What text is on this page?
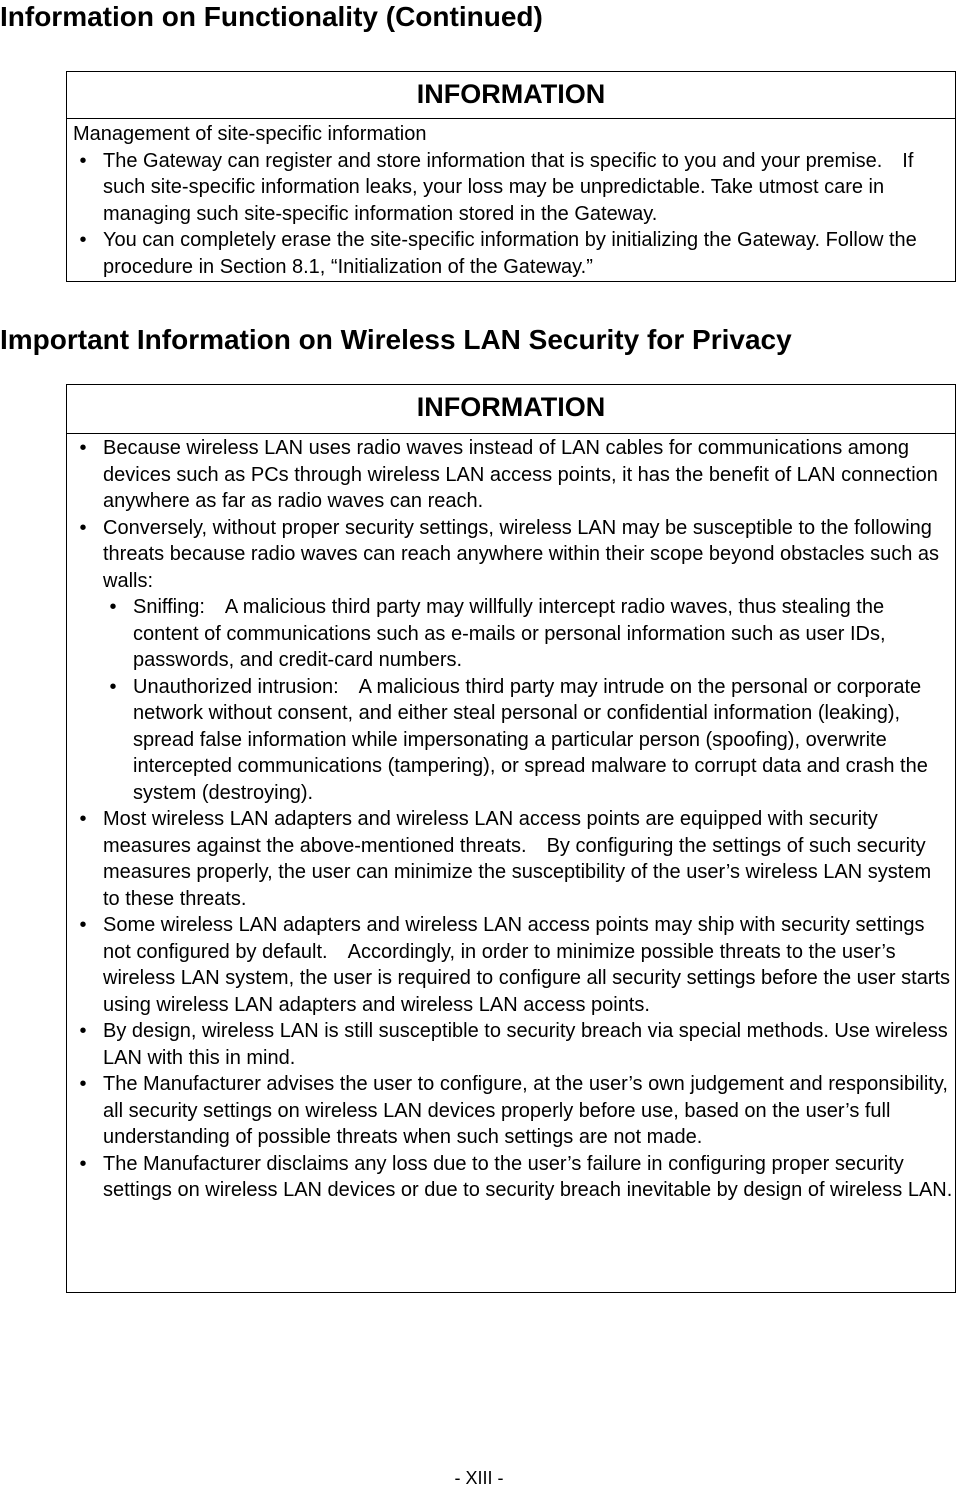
Information on Functionality (Continued)
INFORMATION
Management of site-specific information
• The Gateway can register and store information that is specific to you and your premise.　If such site-specific information leaks, your loss may be unpredictable. Take utmost care in managing such site-specific information stored in the Gateway.
• You can completely erase the site-specific information by initializing the Gateway. Follow the procedure in Section 8.1, “Initialization of the Gateway.”
Important Information on Wireless LAN Security for Privacy
INFORMATION
• Because wireless LAN uses radio waves instead of LAN cables for communications among devices such as PCs through wireless LAN access points, it has the benefit of LAN connection anywhere as far as radio waves can reach.
• Conversely, without proper security settings, wireless LAN may be susceptible to the following threats because radio waves can reach anywhere within their scope beyond obstacles such as walls:
• Sniffing:　A malicious third party may willfully intercept radio waves, thus stealing the content of communications such as e-mails or personal information such as user IDs, passwords, and credit-card numbers.
• Unauthorized intrusion:　A malicious third party may intrude on the personal or corporate network without consent, and either steal personal or confidential information (leaking), spread false information while impersonating a particular person (spoofing), overwrite intercepted communications (tampering), or spread malware to corrupt data and crash the system (destroying).
• Most wireless LAN adapters and wireless LAN access points are equipped with security measures against the above-mentioned threats.　By configuring the settings of such security measures properly, the user can minimize the susceptibility of the user’s wireless LAN system to these threats.
• Some wireless LAN adapters and wireless LAN access points may ship with security settings not configured by default.　Accordingly, in order to minimize possible threats to the user’s wireless LAN system, the user is required to configure all security settings before the user starts using wireless LAN adapters and wireless LAN access points.
• By design, wireless LAN is still susceptible to security breach via special methods. Use wireless LAN with this in mind.
• The Manufacturer advises the user to configure, at the user’s own judgement and responsibility, all security settings on wireless LAN devices properly before use, based on the user’s full understanding of possible threats when such settings are not made.
• The Manufacturer disclaims any loss due to the user’s failure in configuring proper security settings on wireless LAN devices or due to security breach inevitable by design of wireless LAN.
- XIII -
